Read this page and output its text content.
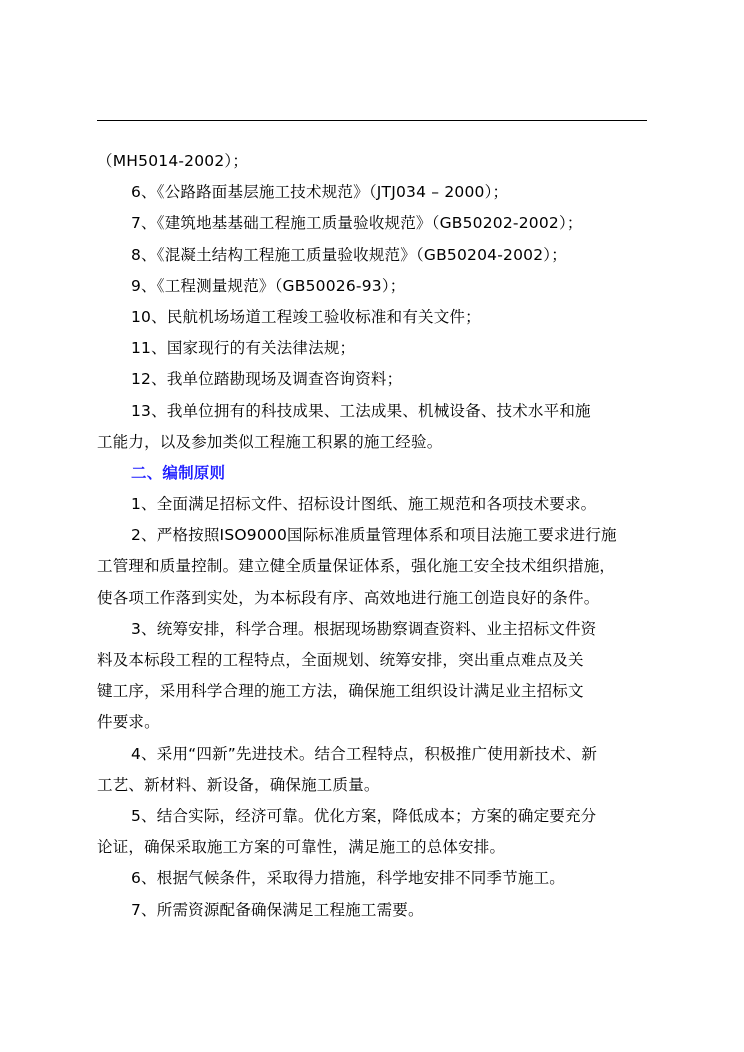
（MH5014-2002）；
6、《公路路面基层施工技术规范》（JTJ034 – 2000）；
7、《建筑地基基础工程施工质量验收规范》（GB50202-2002）；
8、《混凝土结构工程施工质量验收规范》（GB50204-2002）；
9、《工程测量规范》（GB50026-93）；
10、民航机场场道工程竣工验收标准和有关文件；
11、国家现行的有关法律法规；
12、我单位踏勘现场及调查咨询资料；
13、我单位拥有的科技成果、工法成果、机械设备、技术水平和施
工能力，以及参加类似工程施工积累的施工经验。
二、编制原则
1、全面满足招标文件、招标设计图纸、施工规范和各项技术要求。
2、严格按照ISO9000国际标准质量管理体系和项目法施工要求进行施
工管理和质量控制。建立健全质量保证体系，强化施工安全技术组织措施，
使各项工作落到实处，为本标段有序、高效地进行施工创造良好的条件。
3、统筹安排，科学合理。根据现场勘察调查资料、业主招标文件资
料及本标段工程的工程特点，全面规划、统筹安排，突出重点难点及关
键工序，采用科学合理的施工方法，确保施工组织设计满足业主招标文
件要求。
4、采用“四新”先进技术。结合工程特点，积极推广使用新技术、新
工艺、新材料、新设备，确保施工质量。
5、结合实际，经济可靠。优化方案，降低成本；方案的确定要充分
论证，确保采取施工方案的可靠性，满足施工的总体安排。
6、根据气候条件，采取得力措施，科学地安排不同季节施工。
7、所需资源配备确保满足工程施工需要。
